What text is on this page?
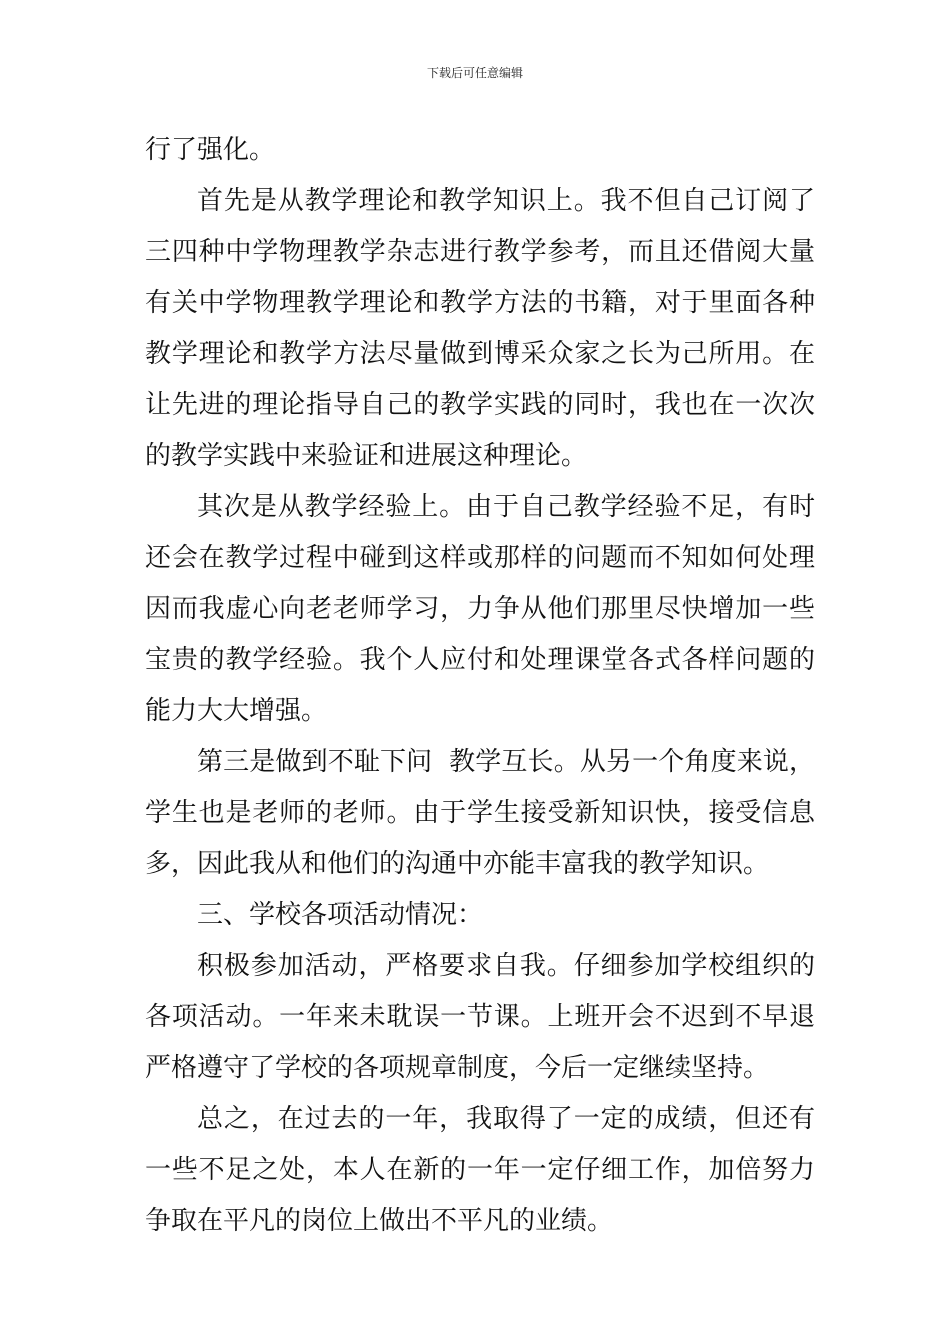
下载后可任意编辑
行了强化。
首先是从教学理论和教学知识上。我不但自己订阅了
三四种中学物理教学杂志进行教学参考，而且还借阅大量
有关中学物理教学理论和教学方法的书籍，对于里面各种
教学理论和教学方法尽量做到博采众家之长为己所用。在
让先进的理论指导自己的教学实践的同时，我也在一次次
的教学实践中来验证和进展这种理论。
其次是从教学经验上。由于自己教学经验不足，有时
还会在教学过程中碰到这样或那样的问题而不知如何处理
因而我虚心向老老师学习，力争从他们那里尽快增加一些
宝贵的教学经验。我个人应付和处理课堂各式各样问题的
能力大大增强。
第三是做到不耻下问  教学互长。从另一个角度来说，
学生也是老师的老师。由于学生接受新知识快，接受信息
多，因此我从和他们的沟通中亦能丰富我的教学知识。
三、学校各项活动情况：
积极参加活动，严格要求自我。仔细参加学校组织的
各项活动。一年来未耽误一节课。上班开会不迟到不早退
严格遵守了学校的各项规章制度，今后一定继续坚持。
总之，在过去的一年，我取得了一定的成绩，但还有
一些不足之处，本人在新的一年一定仔细工作，加倍努力
争取在平凡的岗位上做出不平凡的业绩。
